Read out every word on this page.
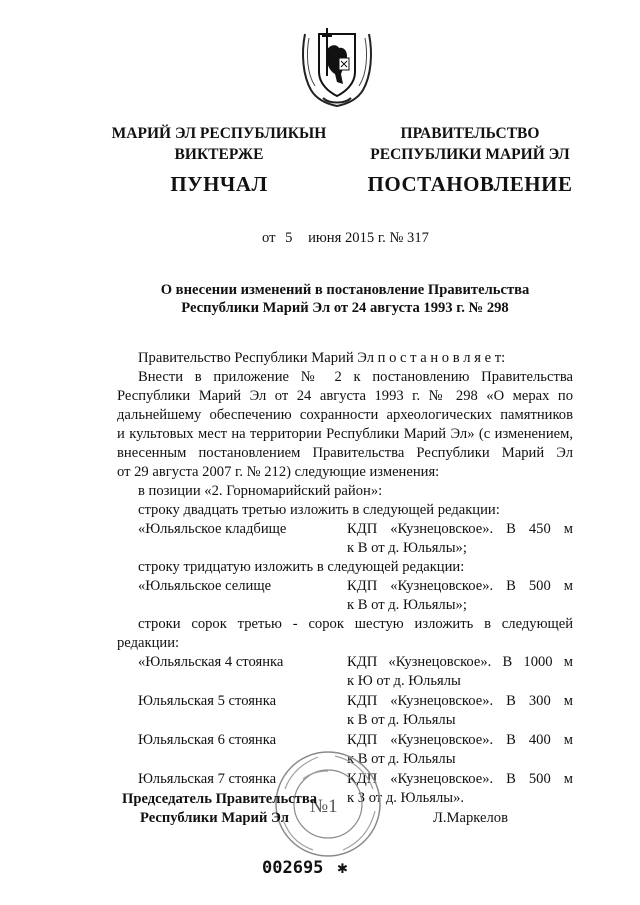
МАРИЙ ЭЛ РЕСПУБЛИКЫН
ВИКТЕРЖЕ
ПРАВИТЕЛЬСТВО
РЕСПУБЛИКИ МАРИЙ ЭЛ
ПУНЧАЛ	ПОСТАНОВЛЕНИЕ
от 5 июня 2015 г. № 317
О внесении изменений в постановление Правительства
Республики Марий Эл от 24 августа 1993 г. № 298
Правительство Республики Марий Эл п о с т а н о в л я е т:
Внести в приложение № 2 к постановлению Правительства
Республики Марий Эл от 24 августа 1993 г. № 298 «О мерах по
дальнейшему обеспечению сохранности археологических памятников
и культовых мест на территории Республики Марий Эл» (с изменением,
внесенным постановлением Правительства Республики Марий Эл
от 29 августа 2007 г. № 212) следующие изменения:
в позиции «2. Горномарийский район»:
строку двадцать третью изложить в следующей редакции:
«Юльяльское кладбище	КДП «Кузнецовское». В 450 м
к В от д. Юльялы»;
строку тридцатую изложить в следующей редакции:
«Юльяльское селище	КДП «Кузнецовское». В 500 м
к В от д. Юльялы»;
строки сорок третью - сорок шестую изложить в следующей
редакции:
«Юльяльская 4 стоянка	КДП «Кузнецовское». В 1000 м
к Ю от д. Юльялы
Юльяльская 5 стоянка	КДП «Кузнецовское». В 300 м
к В от д. Юльялы
Юльяльская 6 стоянка	КДП «Кузнецовское». В 400 м
к В от д. Юльялы
Юльяльская 7 стоянка	КДП «Кузнецовское». В 500 м
к З от д. Юльялы».
№1
Председатель Правительства
Республики Марий Эл	Л.Маркелов
002695 ✱
